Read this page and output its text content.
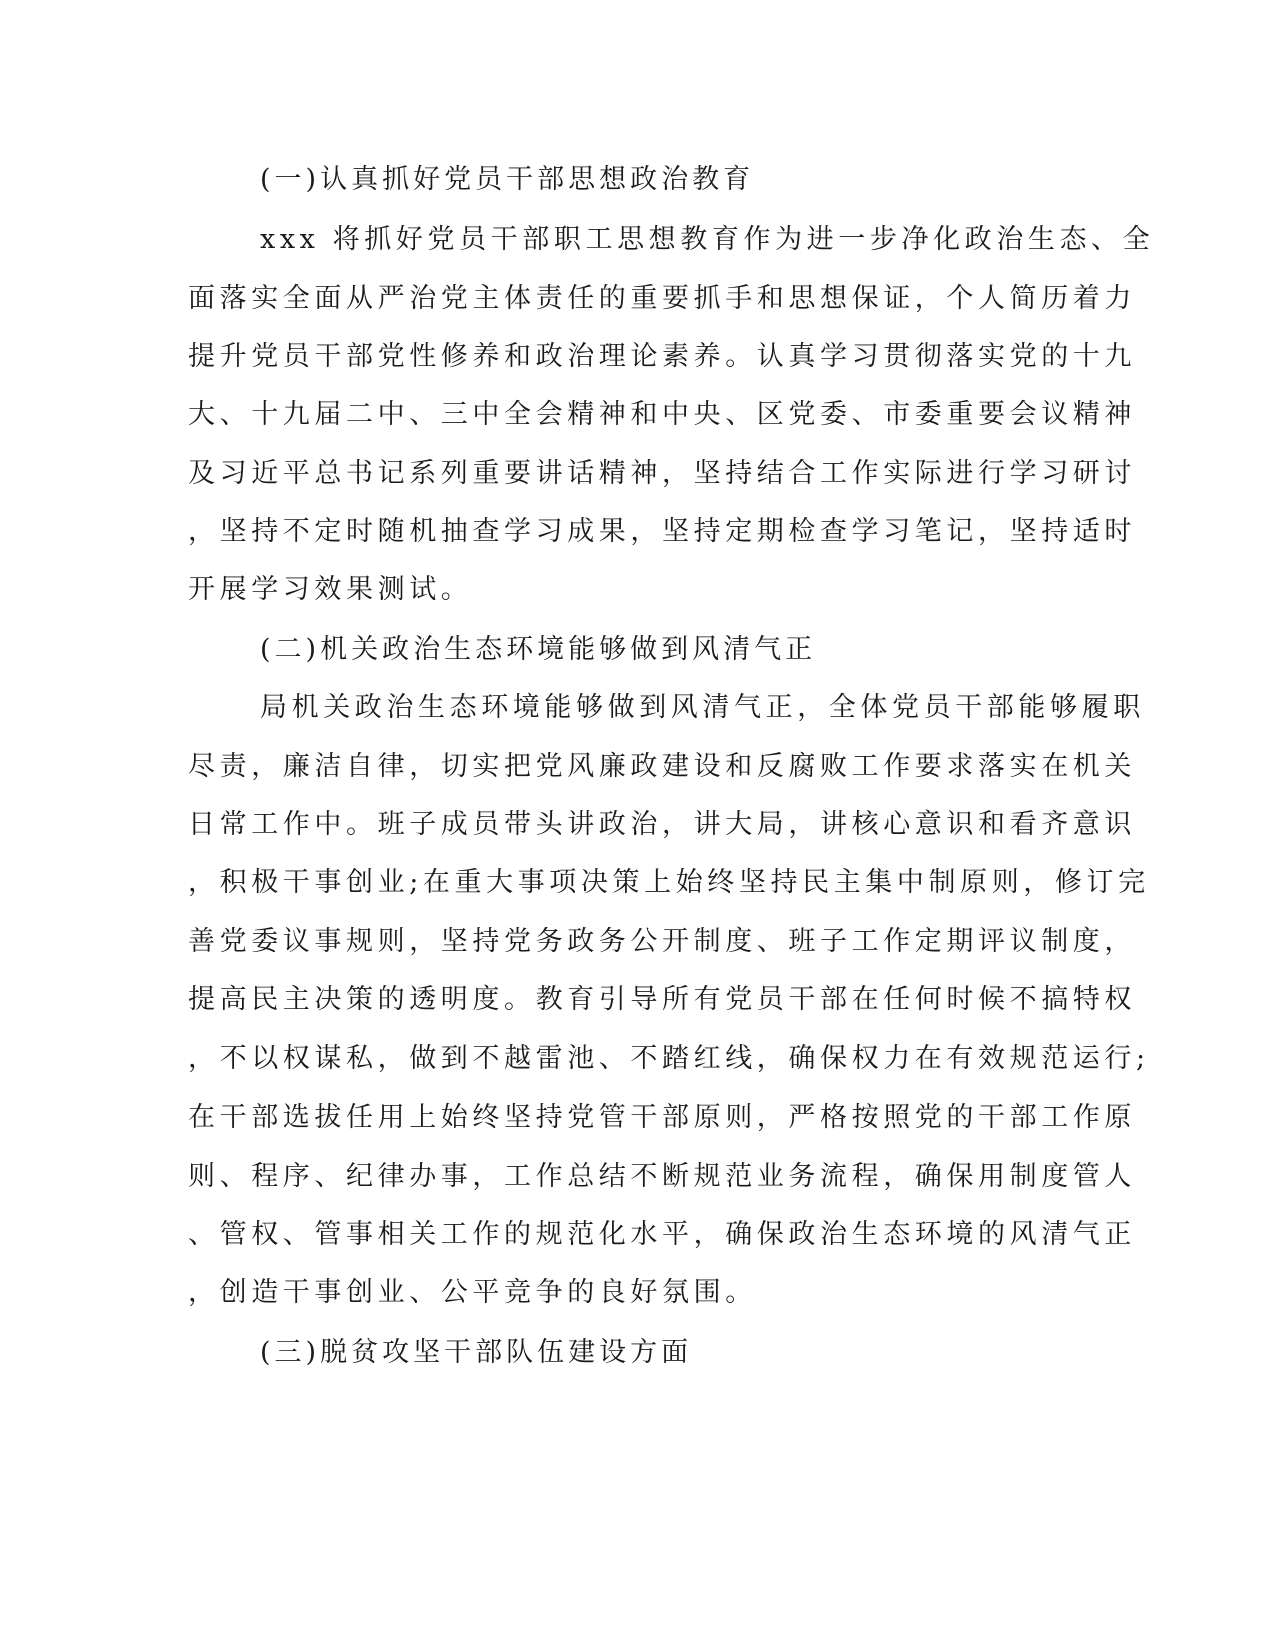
(一)认真抓好党员干部思想政治教育
xxx 将抓好党员干部职工思想教育作为进一步净化政治生态、全
面落实全面从严治党主体责任的重要抓手和思想保证，个人简历着力
提升党员干部党性修养和政治理论素养。认真学习贯彻落实党的十九
大、十九届二中、三中全会精神和中央、区党委、市委重要会议精神
及习近平总书记系列重要讲话精神，坚持结合工作实际进行学习研讨
，坚持不定时随机抽查学习成果，坚持定期检查学习笔记，坚持适时
开展学习效果测试。
(二)机关政治生态环境能够做到风清气正
局机关政治生态环境能够做到风清气正，全体党员干部能够履职
尽责，廉洁自律，切实把党风廉政建设和反腐败工作要求落实在机关
日常工作中。班子成员带头讲政治，讲大局，讲核心意识和看齐意识
，积极干事创业;在重大事项决策上始终坚持民主集中制原则，修订完
善党委议事规则，坚持党务政务公开制度、班子工作定期评议制度，
提高民主决策的透明度。教育引导所有党员干部在任何时候不搞特权
，不以权谋私，做到不越雷池、不踏红线，确保权力在有效规范运行;
在干部选拔任用上始终坚持党管干部原则，严格按照党的干部工作原
则、程序、纪律办事，工作总结不断规范业务流程，确保用制度管人
、管权、管事相关工作的规范化水平，确保政治生态环境的风清气正
，创造干事创业、公平竞争的良好氛围。
(三)脱贫攻坚干部队伍建设方面
